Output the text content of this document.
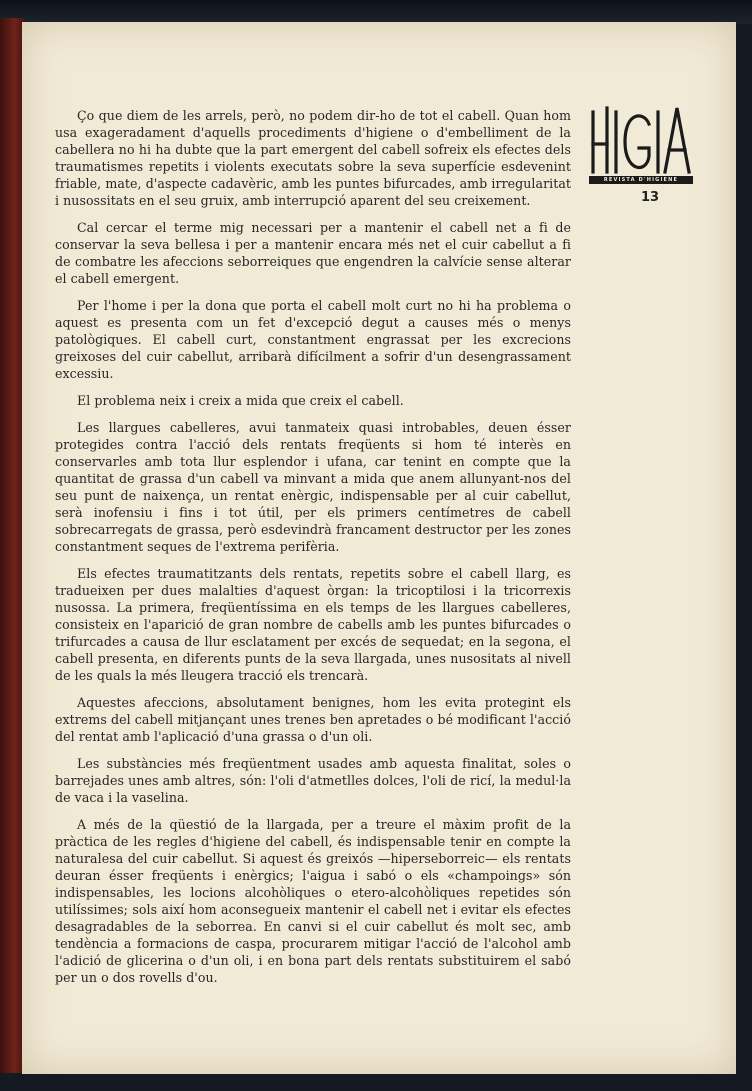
REVISTA D'HIGIENE
13

Ço que diem de les arrels, però, no podem dir-ho de tot el cabell. Quan hom usa exageradament d'aquells procediments d'higiene o d'embelliment de la cabellera no hi ha dubte que la part emergent del cabell sofreix els efectes dels traumatismes repetits i violents executats sobre la seva superfície esdevenint friable, mate, d'aspecte cadavèric, amb les puntes bifurcades, amb irregularitat i nusossitats en el seu gruix, amb interrupció aparent del seu creixement.

Cal cercar el terme mig necessari per a mantenir el cabell net a fi de conservar la seva bellesa i per a mantenir encara més net el cuir cabellut a fi de combatre les afeccions seborreiques que engendren la calvície sense alterar el cabell emergent.

Per l'home i per la dona que porta el cabell molt curt no hi ha problema o aquest es presenta com un fet d'excepció degut a causes més o menys patològiques. El cabell curt, constantment engrassat per les excrecions greixoses del cuir cabellut, arribarà difícilment a sofrir d'un desengrassament excessiu.

El problema neix i creix a mida que creix el cabell.

Les llargues cabelleres, avui tanmateix quasi introbables, deuen ésser protegides contra l'acció dels rentats freqüents si hom té interès en conservarles amb tota llur esplendor i ufana, car tenint en compte que la quantitat de grassa d'un cabell va minvant a mida que anem allunyant-nos del seu punt de naixença, un rentat enèrgic, indispensable per al cuir cabellut, serà inofensiu i fins i tot útil, per els primers centímetres de cabell sobrecarregats de grassa, però esdevindrà francament destructor per les zones constantment seques de l'extrema perifèria.

Els efectes traumatitzants dels rentats, repetits sobre el cabell llarg, es tradueixen per dues malalties d'aquest òrgan: la tricoptilosi i la tricorrexis nusossa. La primera, freqüentíssima en els temps de les llargues cabelleres, consisteix en l'aparició de gran nombre de cabells amb les puntes bifurcades o trifurcades a causa de llur esclatament per excés de sequedat; en la segona, el cabell presenta, en diferents punts de la seva llargada, unes nusositats al nivell de les quals la més lleugera tracció els trencarà.

Aquestes afeccions, absolutament benignes, hom les evita protegint els extrems del cabell mitjançant unes trenes ben apretades o bé modificant l'acció del rentat amb l'aplicació d'una grassa o d'un oli.

Les substàncies més freqüentment usades amb aquesta finalitat, soles o barrejades unes amb altres, són: l'oli d'atmetlles dolces, l'oli de ricí, la medul·la de vaca i la vaselina.

A més de la qüestió de la llargada, per a treure el màxim profit de la pràctica de les regles d'higiene del cabell, és indispensable tenir en compte la naturalesa del cuir cabellut. Si aquest és greixós —hiperseborreic— els rentats deuran ésser freqüents i enèrgics; l'aigua i sabó o els «champoings» són indispensables, les locions alcohòliques o etero-alcohòliques repetides són utilíssimes; sols així hom aconsegueix mantenir el cabell net i evitar els efectes desagradables de la seborrea. En canvi si el cuir cabellut és molt sec, amb tendència a formacions de caspa, procurarem mitigar l'acció de l'alcohol amb l'adició de glicerina o d'un oli, i en bona part dels rentats substituirem el sabó per un o dos rovells d'ou.
